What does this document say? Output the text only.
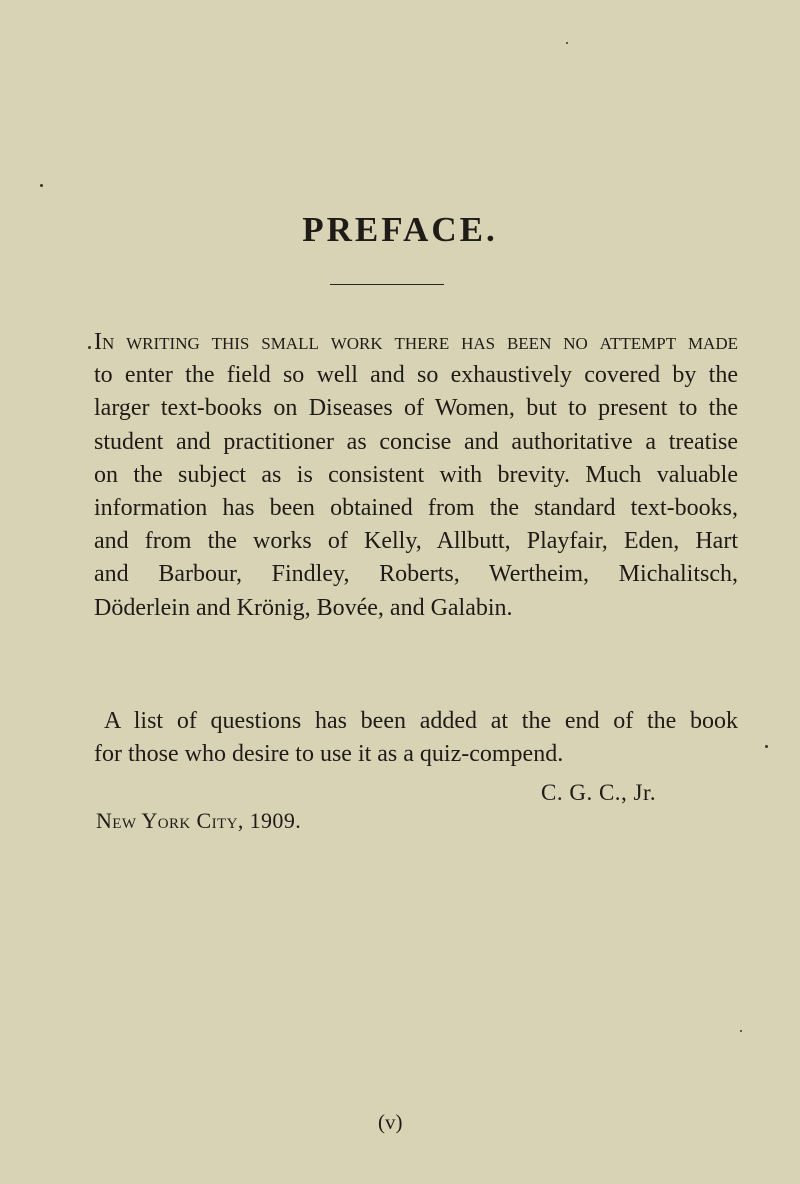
PREFACE.

In writing this small work there has been no attempt made
to enter the field so well and so exhaustively covered by the
larger text-books on Diseases of Women, but to present to the
student and practitioner as concise and authoritative a treatise
on the subject as is consistent with brevity. Much valuable
information has been obtained from the standard text-books,
and from the works of Kelly, Allbutt, Playfair, Eden, Hart
and Barbour, Findley, Roberts, Wertheim, Michalitsch,
Döderlein and Krönig, Bovée, and Galabin.

A list of questions has been added at the end of the book
for those who desire to use it as a quiz-compend.

C. G. C., Jr.

New York City, 1909.

(v)
